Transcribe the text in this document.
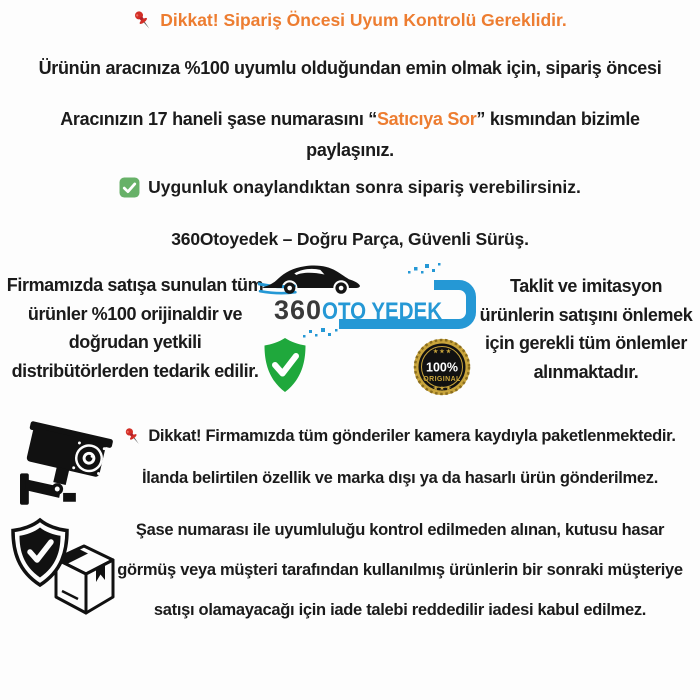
Dikkat! Sipariş Öncesi Uyum Kontrolü Gereklidir.

Ürünün aracınıza %100 uyumlu olduğundan emin olmak için, sipariş öncesi

Aracınızın 17 haneli şase numarasını “Satıcıya Sor” kısmından bizimle
paylaşınız.

Uygunluk onaylandıktan sonra sipariş verebilirsiniz.

360Otoyedek – Doğru Parça, Güvenli Sürüş.

Firmamızda satışa sunulan tüm
ürünler %100 orijinaldir ve
doğrudan yetkili
distribütörlerden tedarik edilir.
360 OTO YEDEK
★ ★ ★
100%
ORIGINAL
★ ★ ★
Taklit ve imitasyon
ürünlerin satışını önlemek
için gerekli tüm önlemler
alınmaktadır.
Dikkat! Firmamızda tüm gönderiler kamera kaydıyla paketlenmektedir.

İlanda belirtilen özellik ve marka dışı ya da hasarlı ürün gönderilmez.

Şase numarası ile uyumluluğu kontrol edilmeden alınan, kutusu hasar

görmüş veya müşteri tarafından kullanılmış ürünlerin bir sonraki müşteriye

satışı olamayacağı için iade talebi reddedilir iadesi kabul edilmez.
